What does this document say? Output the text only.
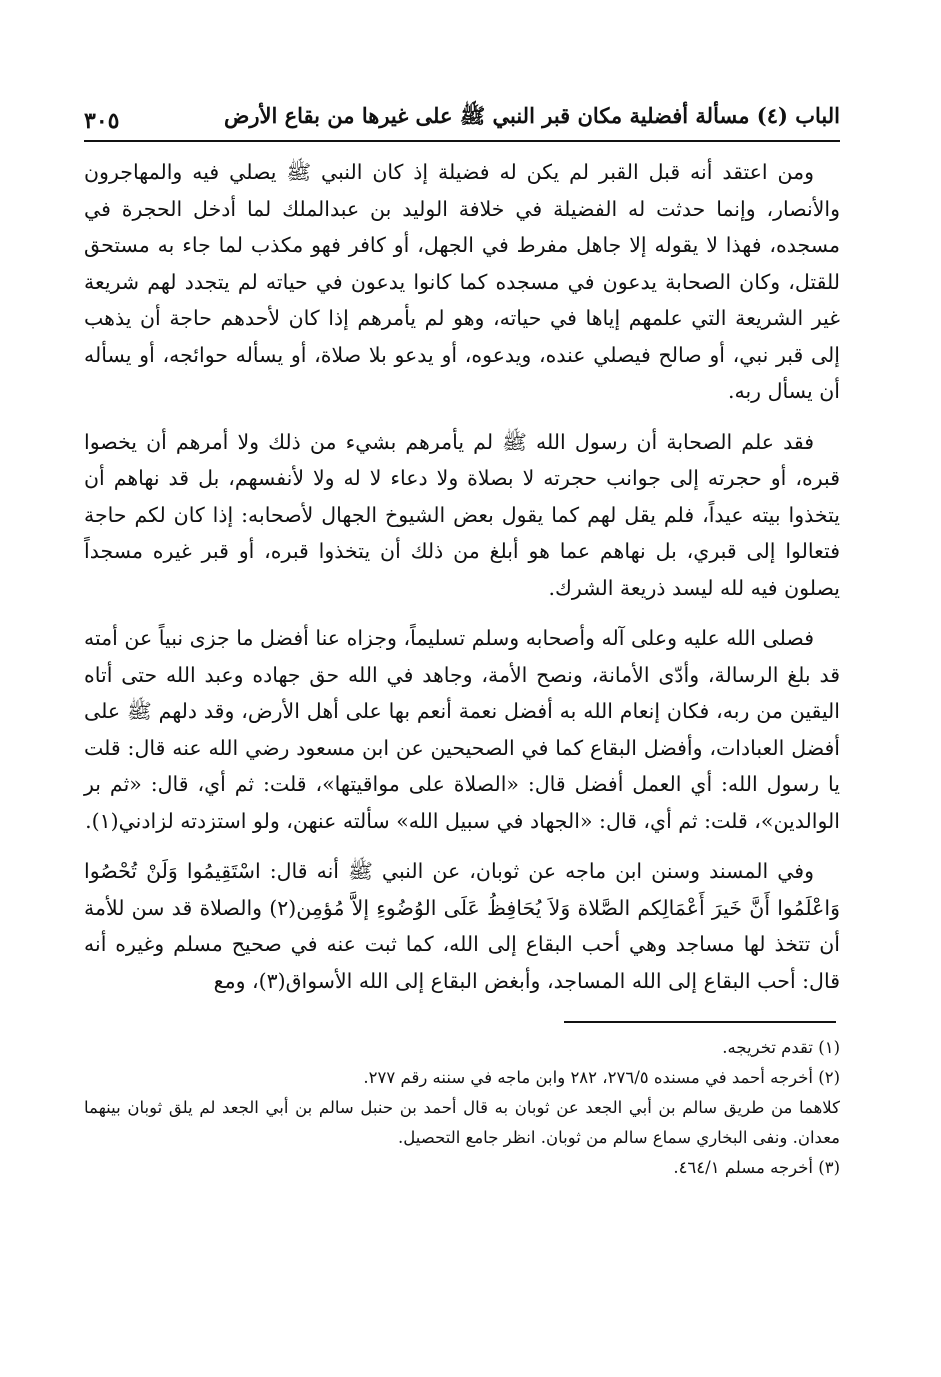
الباب (٤) مسألة أفضلية مكان قبر النبي ﷺ على غيرها من بقاع الأرض
٣٠٥

ومن اعتقد أنه قبل القبر لم يكن له فضيلة إذ كان النبي ﷺ يصلي فيه والمهاجرون والأنصار، وإنما حدثت له الفضيلة في خلافة الوليد بن عبدالملك لما أدخل الحجرة في مسجده، فهذا لا يقوله إلا جاهل مفرط في الجهل، أو كافر فهو مكذب لما جاء به مستحق للقتل، وكان الصحابة يدعون في مسجده كما كانوا يدعون في حياته لم يتجدد لهم شريعة غير الشريعة التي علمهم إياها في حياته، وهو لم يأمرهم إذا كان لأحدهم حاجة أن يذهب إلى قبر نبي، أو صالح فيصلي عنده، ويدعوه، أو يدعو بلا صلاة، أو يسأله حوائجه، أو يسأله أن يسأل ربه.

فقد علم الصحابة أن رسول الله ﷺ لم يأمرهم بشيء من ذلك ولا أمرهم أن يخصوا قبره، أو حجرته إلى جوانب حجرته لا بصلاة ولا دعاء لا له ولا لأنفسهم، بل قد نهاهم أن يتخذوا بيته عيداً، فلم يقل لهم كما يقول بعض الشيوخ الجهال لأصحابه: إذا كان لكم حاجة فتعالوا إلى قبري، بل نهاهم عما هو أبلغ من ذلك أن يتخذوا قبره، أو قبر غيره مسجداً يصلون فيه لله ليسد ذريعة الشرك.

فصلى الله عليه وعلى آله وأصحابه وسلم تسليماً، وجزاه عنا أفضل ما جزى نبياً عن أمته قد بلغ الرسالة، وأدّى الأمانة، ونصح الأمة، وجاهد في الله حق جهاده وعبد الله حتى أتاه اليقين من ربه، فكان إنعام الله به أفضل نعمة أنعم بها على أهل الأرض، وقد دلهم ﷺ على أفضل العبادات، وأفضل البقاع كما في الصحيحين عن ابن مسعود رضي الله عنه قال: قلت يا رسول الله: أي العمل أفضل قال: «الصلاة على مواقيتها»، قلت: ثم أي، قال: «ثم بر الوالدين»، قلت: ثم أي، قال: «الجهاد في سبيل الله» سألته عنهن، ولو استزدته لزادني(١).

وفي المسند وسنن ابن ماجه عن ثوبان، عن النبي ﷺ أنه قال: اسْتَقِيمُوا وَلَنْ تُحْصُوا وَاعْلَمُوا أَنَّ خَيرَ أَعْمَالِكم الصَّلاة وَلاَ يُحَافِظُ عَلَى الوُضُوءِ إلاَّ مُؤمِن(٢) والصلاة قد سن للأمة أن تتخذ لها مساجد وهي أحب البقاع إلى الله، كما ثبت عنه في صحيح مسلم وغيره أنه قال: أحب البقاع إلى الله المساجد، وأبغض البقاع إلى الله الأسواق(٣)، ومع

(١) تقدم تخريجه.

(٢) أخرجه أحمد في مسنده ٢٧٦/٥، ٢٨٢ وابن ماجه في سننه رقم ٢٧٧.

كلاهما من طريق سالم بن أبي الجعد عن ثوبان به قال أحمد بن حنبل سالم بن أبي الجعد لم يلق ثوبان بينهما معدان. ونفى البخاري سماع سالم من ثوبان. انظر جامع التحصيل.

(٣) أخرجه مسلم ٤٦٤/١.
